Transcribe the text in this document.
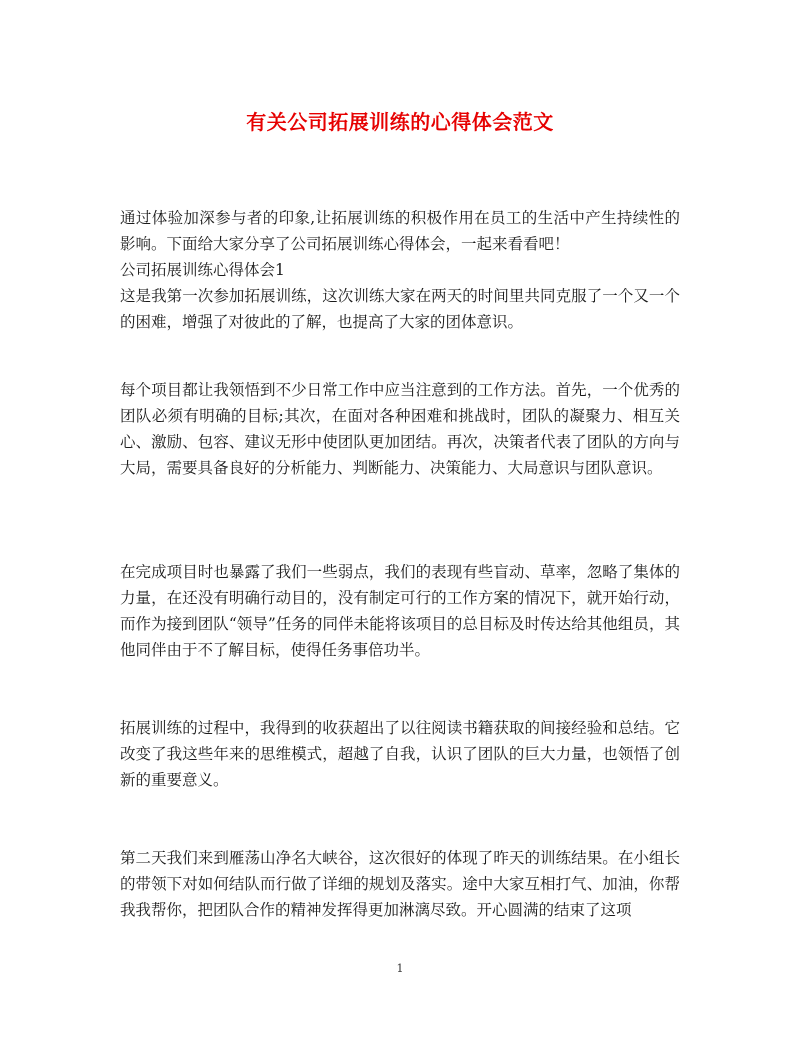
有关公司拓展训练的心得体会范文

通过体验加深参与者的印象,让拓展训练的积极作用在员工的生活中产生持续性的影响。下面给大家分享了公司拓展训练心得体会，一起来看看吧！

公司拓展训练心得体会1

这是我第一次参加拓展训练，这次训练大家在两天的时间里共同克服了一个又一个的困难，增强了对彼此的了解，也提高了大家的团体意识。

每个项目都让我领悟到不少日常工作中应当注意到的工作方法。首先，一个优秀的团队必须有明确的目标;其次，在面对各种困难和挑战时，团队的凝聚力、相互关心、激励、包容、建议无形中使团队更加团结。再次，决策者代表了团队的方向与大局，需要具备良好的分析能力、判断能力、决策能力、大局意识与团队意识。

在完成项目时也暴露了我们一些弱点，我们的表现有些盲动、草率，忽略了集体的力量，在还没有明确行动目的，没有制定可行的工作方案的情况下，就开始行动，而作为接到团队“领导”任务的同伴未能将该项目的总目标及时传达给其他组员，其他同伴由于不了解目标，使得任务事倍功半。

拓展训练的过程中，我得到的收获超出了以往阅读书籍获取的间接经验和总结。它改变了我这些年来的思维模式，超越了自我，认识了团队的巨大力量，也领悟了创新的重要意义。

第二天我们来到雁荡山净名大峡谷，这次很好的体现了昨天的训练结果。在小组长的带领下对如何结队而行做了详细的规划及落实。途中大家互相打气、加油，你帮我我帮你，把团队合作的精神发挥得更加淋漓尽致。开心圆满的结束了这项

1
